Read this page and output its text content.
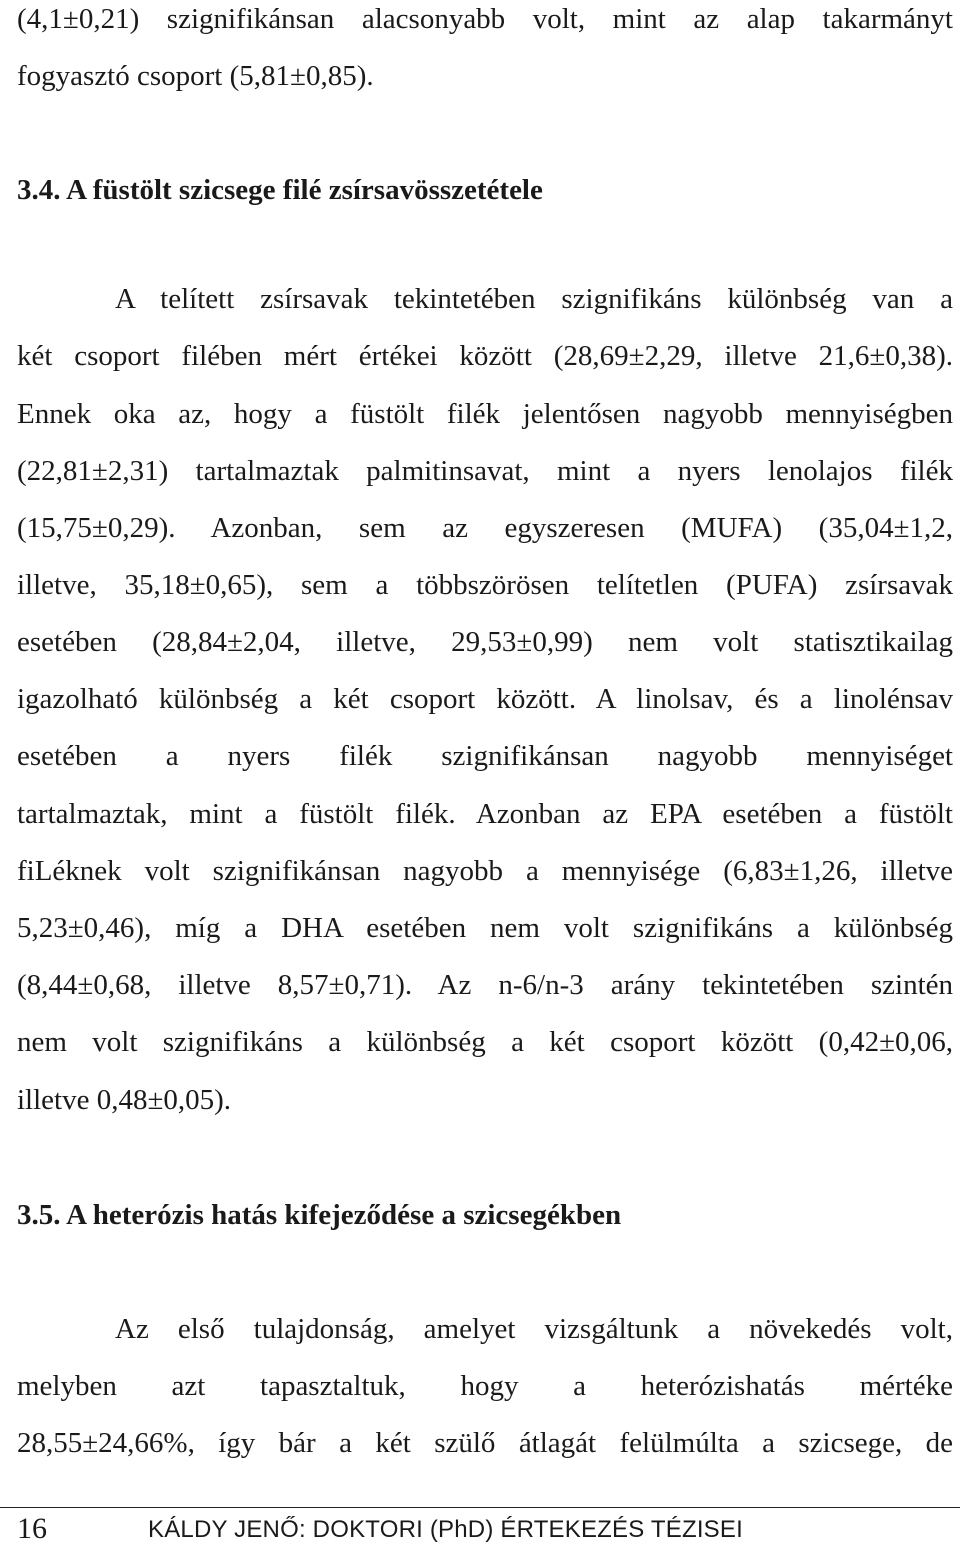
(4,1±0,21) szignifikánsan alacsonyabb volt, mint az alap takarmányt
fogyasztó csoport (5,81±0,85).
3.4. A füstölt szicsege filé zsírsavösszetétele
A telített zsírsavak tekintetében szignifikáns különbség van a
két csoport filében mért értékei között (28,69±2,29, illetve 21,6±0,38).
Ennek oka az, hogy a füstölt filék jelentősen nagyobb mennyiségben
(22,81±2,31) tartalmaztak palmitinsavat, mint a nyers lenolajos filék
(15,75±0,29). Azonban, sem az egyszeresen (MUFA) (35,04±1,2,
illetve, 35,18±0,65), sem a többszörösen telítetlen (PUFA) zsírsavak
esetében (28,84±2,04, illetve, 29,53±0,99) nem volt statisztikailag
igazolható különbség a két csoport között. A linolsav, és a linolénsav
esetében a nyers filék szignifikánsan nagyobb mennyiséget
tartalmaztak, mint a füstölt filék. Azonban az EPA esetében a füstölt
fiLéknek volt szignifikánsan nagyobb a mennyisége (6,83±1,26, illetve
5,23±0,46), míg a DHA esetében nem volt szignifikáns a különbség
(8,44±0,68, illetve 8,57±0,71). Az n-6/n-3 arány tekintetében szintén
nem volt szignifikáns a különbség a két csoport között (0,42±0,06,
illetve 0,48±0,05).
3.5. A heterózis hatás kifejeződése a szicsegékben
Az első tulajdonság, amelyet vizsgáltunk a növekedés volt,
melyben azt tapasztaltuk, hogy a heterózishatás mértéke
28,55±24,66%, így bár a két szülő átlagát felülmúlta a szicsege, de
16	KÁLDY JENŐ: DOKTORI (PhD) ÉRTEKEZÉS TÉZISEI
